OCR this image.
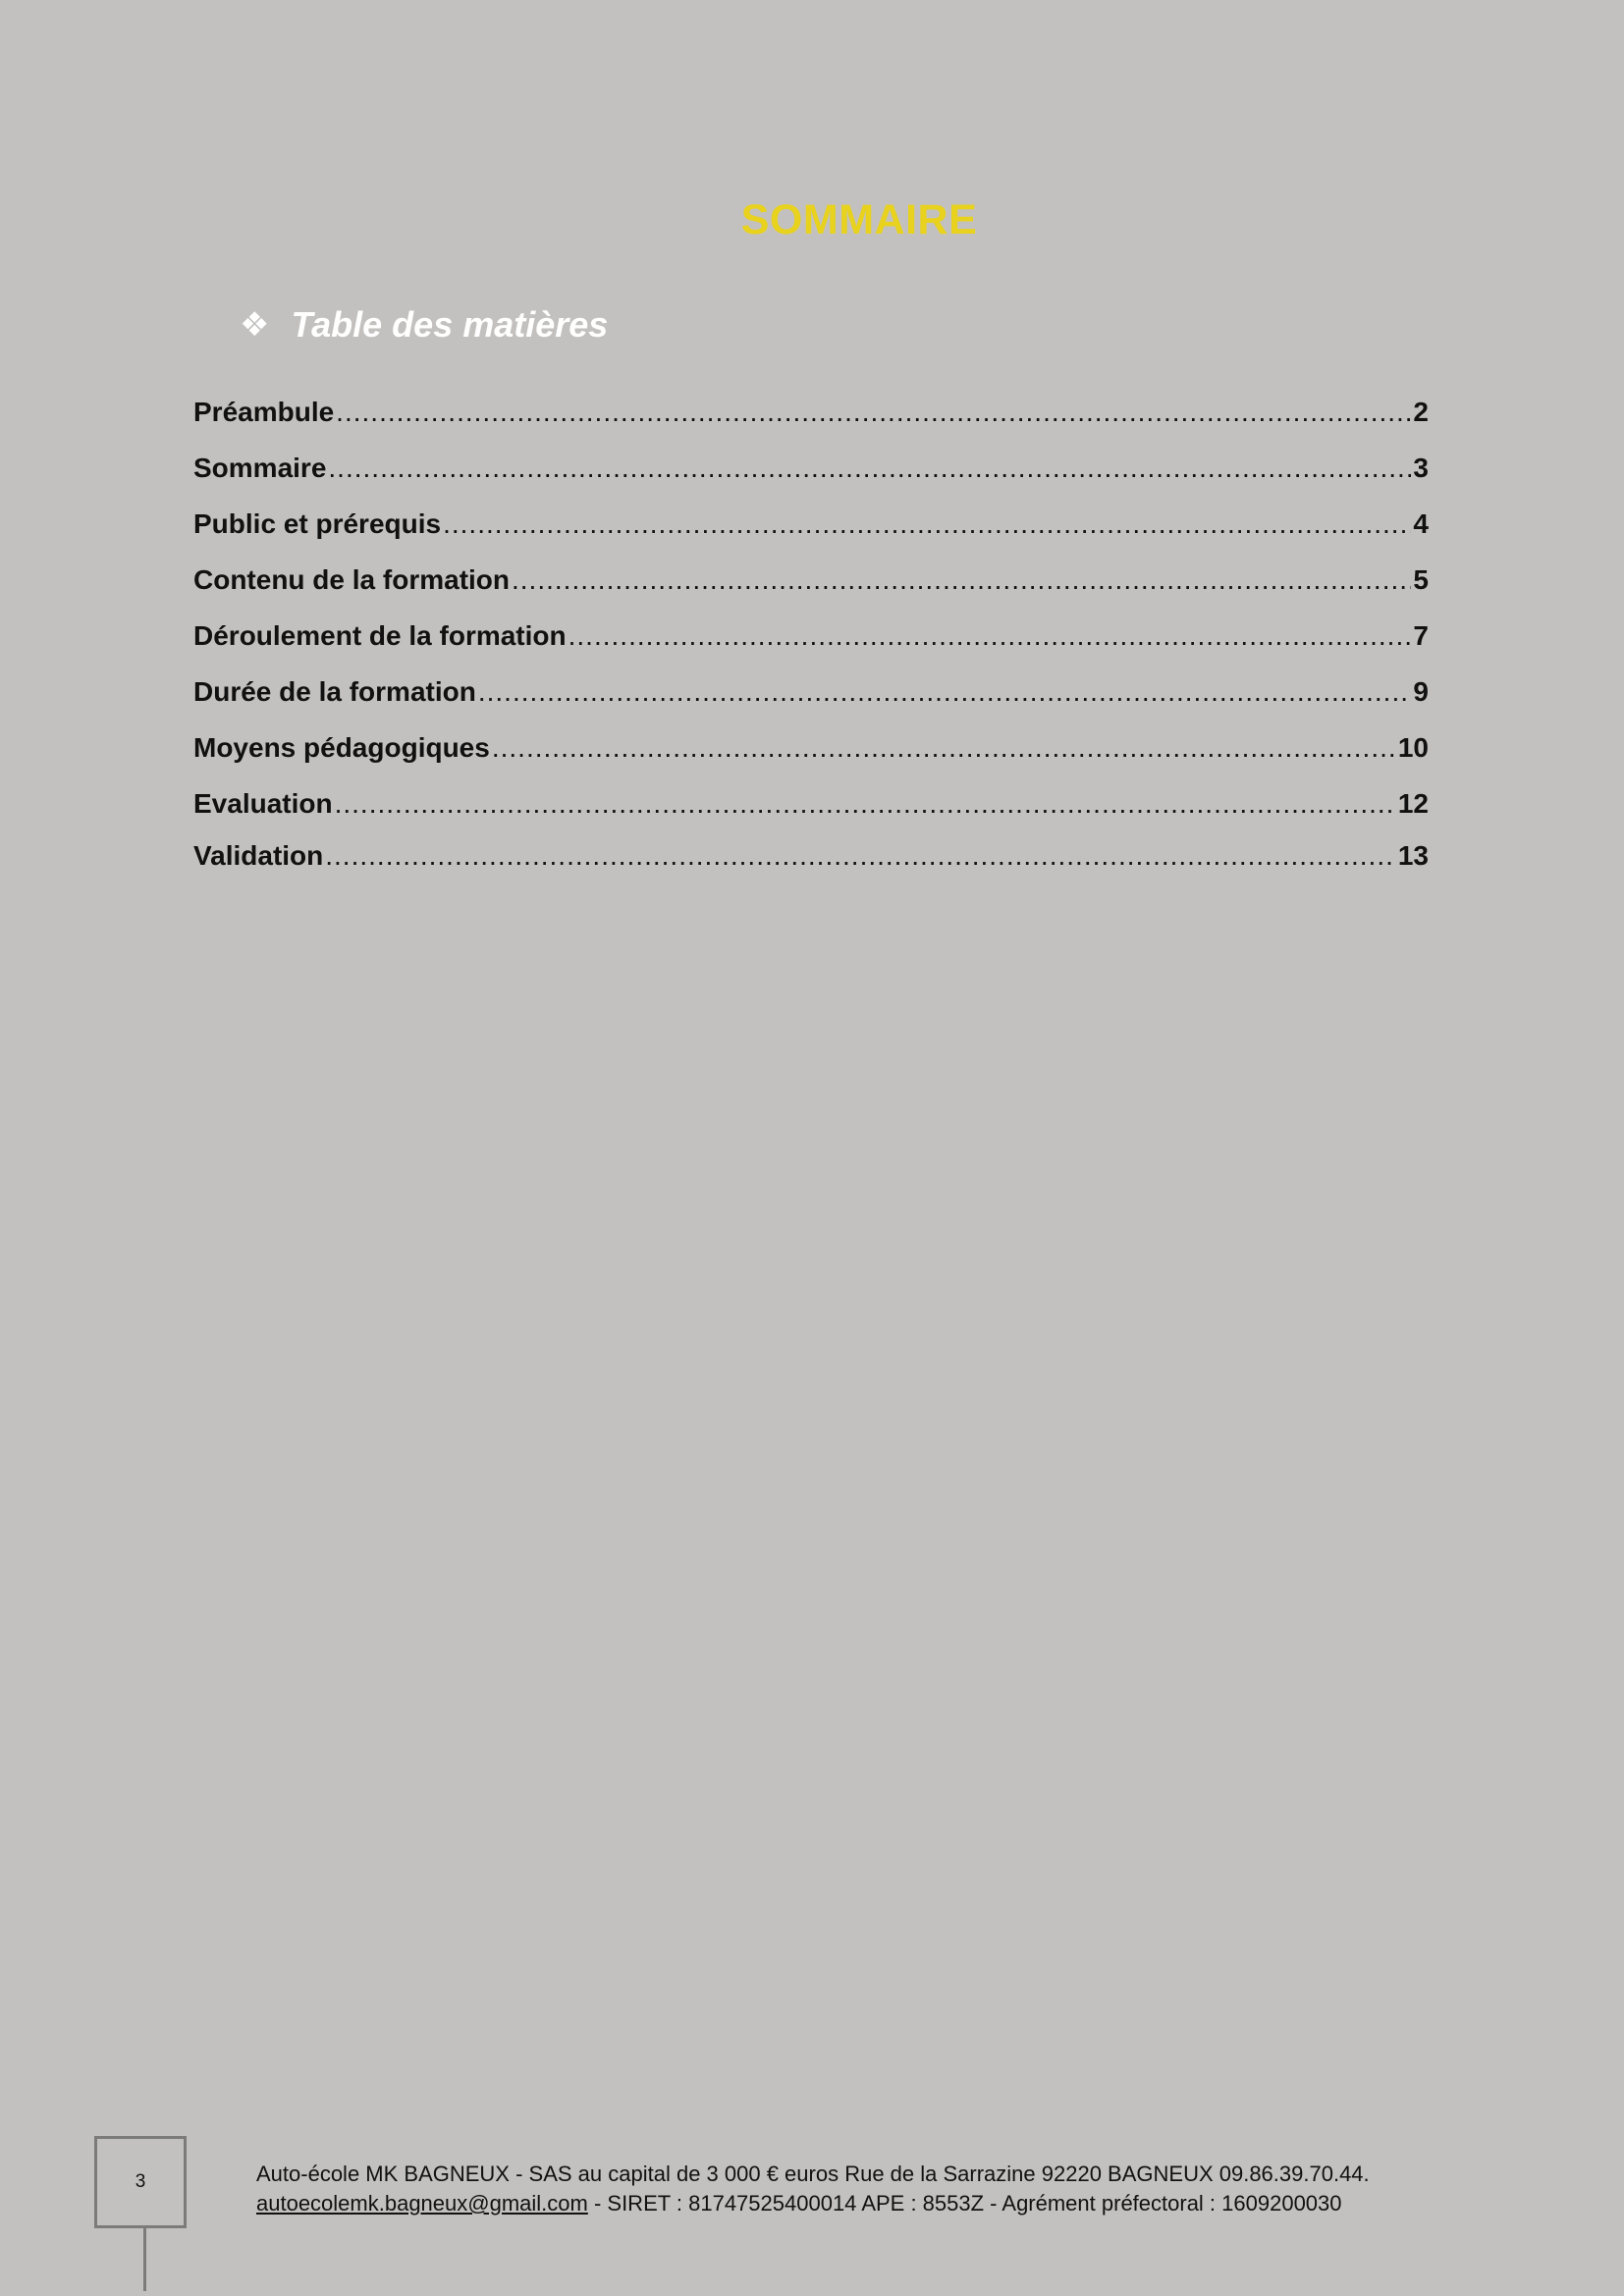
SOMMAIRE
❖ Table des matières
Préambule .....	2
Sommaire .....	3
Public et prérequis .....	4
Contenu de la formation .....	5
Déroulement de la formation .....	7
Durée de la formation .....	9
Moyens pédagogiques .....	10
Evaluation .....	12
Validation .....	13
3	Auto-école MK BAGNEUX - SAS au capital de 3 000 € euros Rue de la Sarrazine 92220 BAGNEUX 09.86.39.70.44.
autoecolemk.bagneux@gmail.com - SIRET : 81747525400014 APE : 8553Z - Agrément préfectoral : 1609200030
